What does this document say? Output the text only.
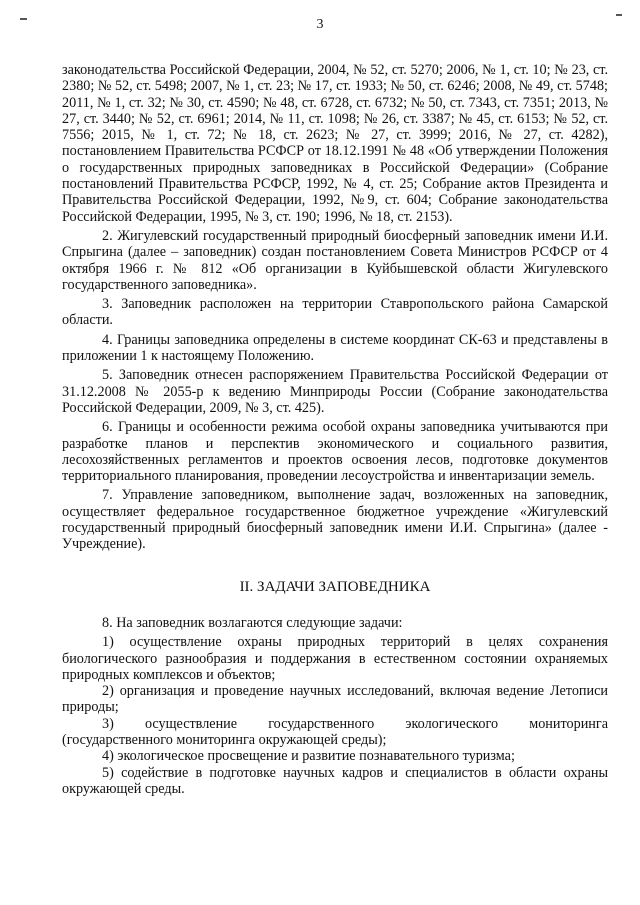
3

законодательства Российской Федерации, 2004, № 52, ст. 5270; 2006, № 1, ст. 10; № 23, ст. 2380; № 52, ст. 5498; 2007, № 1, ст. 23; № 17, ст. 1933; № 50, ст. 6246; 2008, № 49, ст. 5748; 2011, № 1, ст. 32; № 30, ст. 4590; № 48, ст. 6728, ст. 6732; № 50, ст. 7343, ст. 7351; 2013, № 27, ст. 3440; № 52, ст. 6961; 2014, № 11, ст. 1098; № 26, ст. 3387; № 45, ст. 6153; № 52, ст. 7556; 2015, № 1, ст. 72; № 18, ст. 2623; № 27, ст. 3999; 2016, № 27, ст. 4282), постановлением Правительства РСФСР от 18.12.1991 № 48 «Об утверждении Положения о государственных природных заповедниках в Российской Федерации» (Собрание постановлений Правительства РСФСР, 1992, № 4, ст. 25; Собрание актов Президента и Правительства Российской Федерации, 1992, №9, ст. 604; Собрание законодательства Российской Федерации, 1995, № 3, ст. 190; 1996, № 18, ст. 2153).

2. Жигулевский государственный природный биосферный заповедник имени И.И. Спрыгина (далее – заповедник) создан постановлением Совета Министров РСФСР от 4 октября 1966 г. № 812 «Об организации в Куйбышевской области Жигулевского государственного заповедника».

3. Заповедник расположен на территории Ставропольского района Самарской области.

4. Границы заповедника определены в системе координат СК-63 и представлены в приложении 1 к настоящему Положению.

5. Заповедник отнесен распоряжением Правительства Российской Федерации от 31.12.2008 № 2055-р к ведению Минприроды России (Собрание законодательства Российской Федерации, 2009, № 3, ст. 425).

6. Границы и особенности режима особой охраны заповедника учитываются при разработке планов и перспектив экономического и социального развития, лесохозяйственных регламентов и проектов освоения лесов, подготовке документов территориального планирования, проведении лесоустройства и инвентаризации земель.

7. Управление заповедником, выполнение задач, возложенных на заповедник, осуществляет федеральное государственное бюджетное учреждение «Жигулевский государственный природный биосферный заповедник имени И.И. Спрыгина» (далее - Учреждение).

II. ЗАДАЧИ ЗАПОВЕДНИКА

8. На заповедник возлагаются следующие задачи:

1) осуществление охраны природных территорий в целях сохранения биологического разнообразия и поддержания в естественном состоянии охраняемых природных комплексов и объектов;

2) организация и проведение научных исследований, включая ведение Летописи природы;

3) осуществление государственного экологического мониторинга (государственного мониторинга окружающей среды);

4) экологическое просвещение и развитие познавательного туризма;

5) содействие в подготовке научных кадров и специалистов в области охраны окружающей среды.
